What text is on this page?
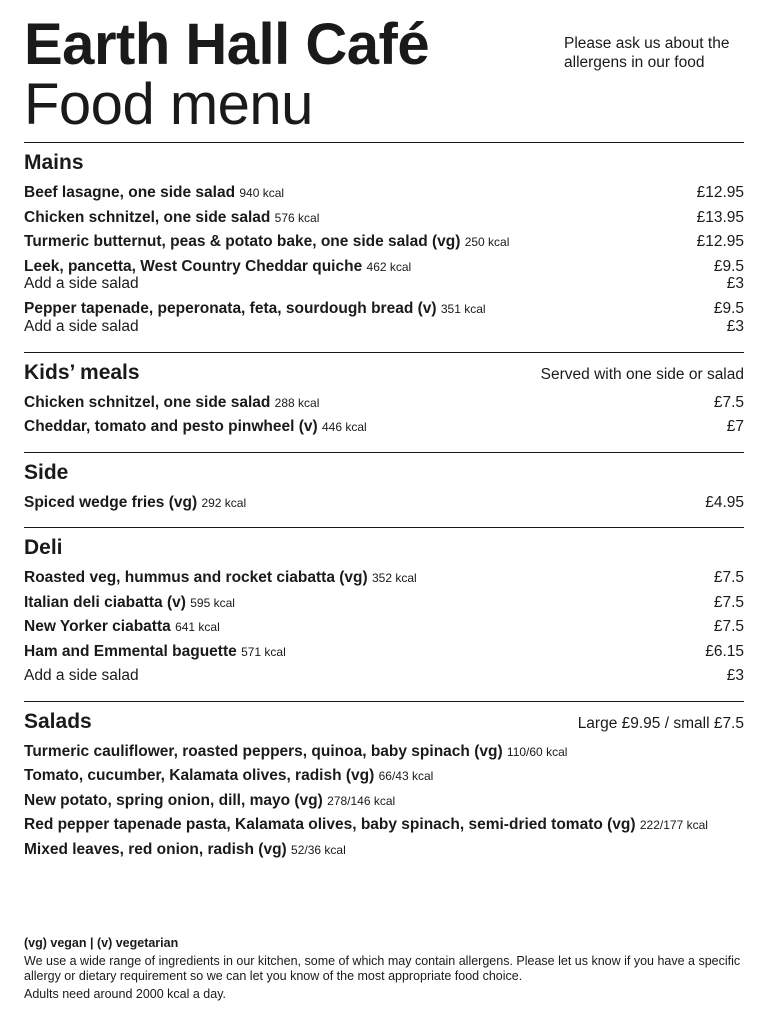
Earth Hall Café
Food menu
Please ask us about the allergens in our food
Mains
Beef lasagne, one side salad 940 kcal	£12.95
Chicken schnitzel, one side salad 576 kcal	£13.95
Turmeric butternut, peas & potato bake, one side salad (vg) 250 kcal	£12.95
Leek, pancetta, West Country Cheddar quiche 462 kcal	£9.5
Add a side salad	£3
Pepper tapenade, peperonata, feta, sourdough bread (v) 351 kcal	£9.5
Add a side salad	£3
Kids’ meals	Served with one side or salad
Chicken schnitzel, one side salad 288 kcal	£7.5
Cheddar, tomato and pesto pinwheel (v) 446 kcal	£7
Side
Spiced wedge fries (vg) 292 kcal	£4.95
Deli
Roasted veg, hummus and rocket ciabatta (vg) 352 kcal	£7.5
Italian deli ciabatta (v) 595 kcal	£7.5
New Yorker ciabatta 641 kcal	£7.5
Ham and Emmental baguette 571 kcal	£6.15
Add a side salad	£3
Salads	Large £9.95 / small £7.5
Turmeric cauliflower, roasted peppers, quinoa, baby spinach (vg) 110/60 kcal
Tomato, cucumber, Kalamata olives, radish (vg) 66/43 kcal
New potato, spring onion, dill, mayo (vg) 278/146 kcal
Red pepper tapenade pasta, Kalamata olives, baby spinach, semi-dried tomato (vg) 222/177 kcal
Mixed leaves, red onion, radish (vg) 52/36 kcal
(vg) vegan | (v) vegetarian

We use a wide range of ingredients in our kitchen, some of which may contain allergens. Please let us know if you have a specific allergy or dietary requirement so we can let you know of the most appropriate food choice.

Adults need around 2000 kcal a day.
